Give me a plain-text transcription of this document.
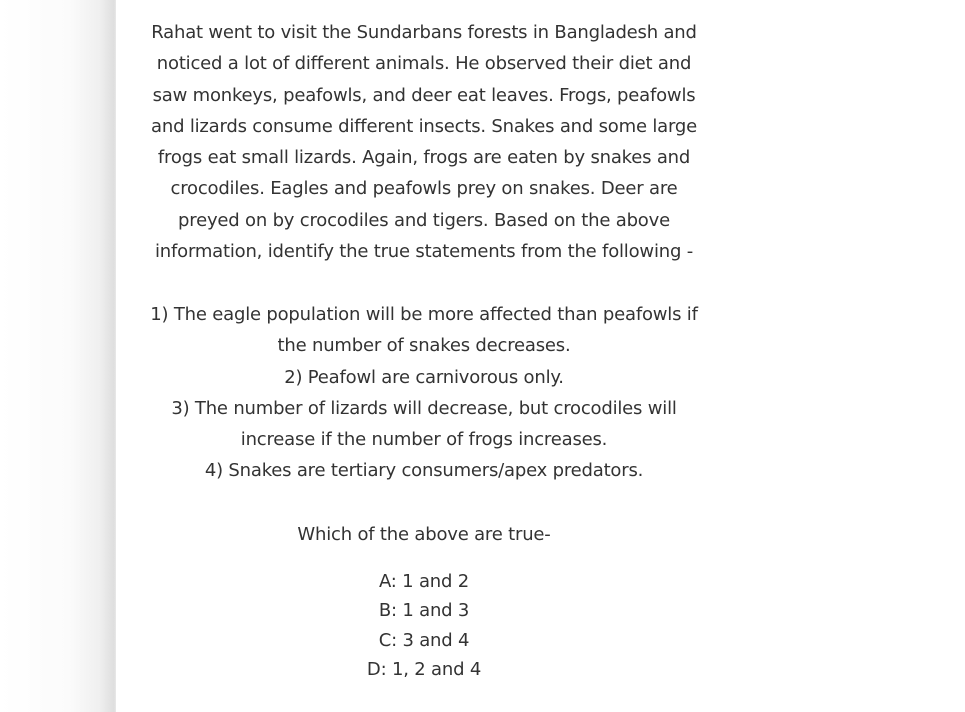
Rahat went to visit the Sundarbans forests in Bangladesh and
noticed a lot of different animals. He observed their diet and
saw monkeys, peafowls, and deer eat leaves. Frogs, peafowls
and lizards consume different insects. Snakes and some large
frogs eat small lizards. Again, frogs are eaten by snakes and
crocodiles. Eagles and peafowls prey on snakes. Deer are
preyed on by crocodiles and tigers. Based on the above
information, identify the true statements from the following -

1) The eagle population will be more affected than peafowls if
the number of snakes decreases.
2) Peafowl are carnivorous only.
3) The number of lizards will decrease, but crocodiles will
increase if the number of frogs increases.
4) Snakes are tertiary consumers/apex predators.

Which of the above are true-
A: 1 and 2
B: 1 and 3
C: 3 and 4
D: 1, 2 and 4
